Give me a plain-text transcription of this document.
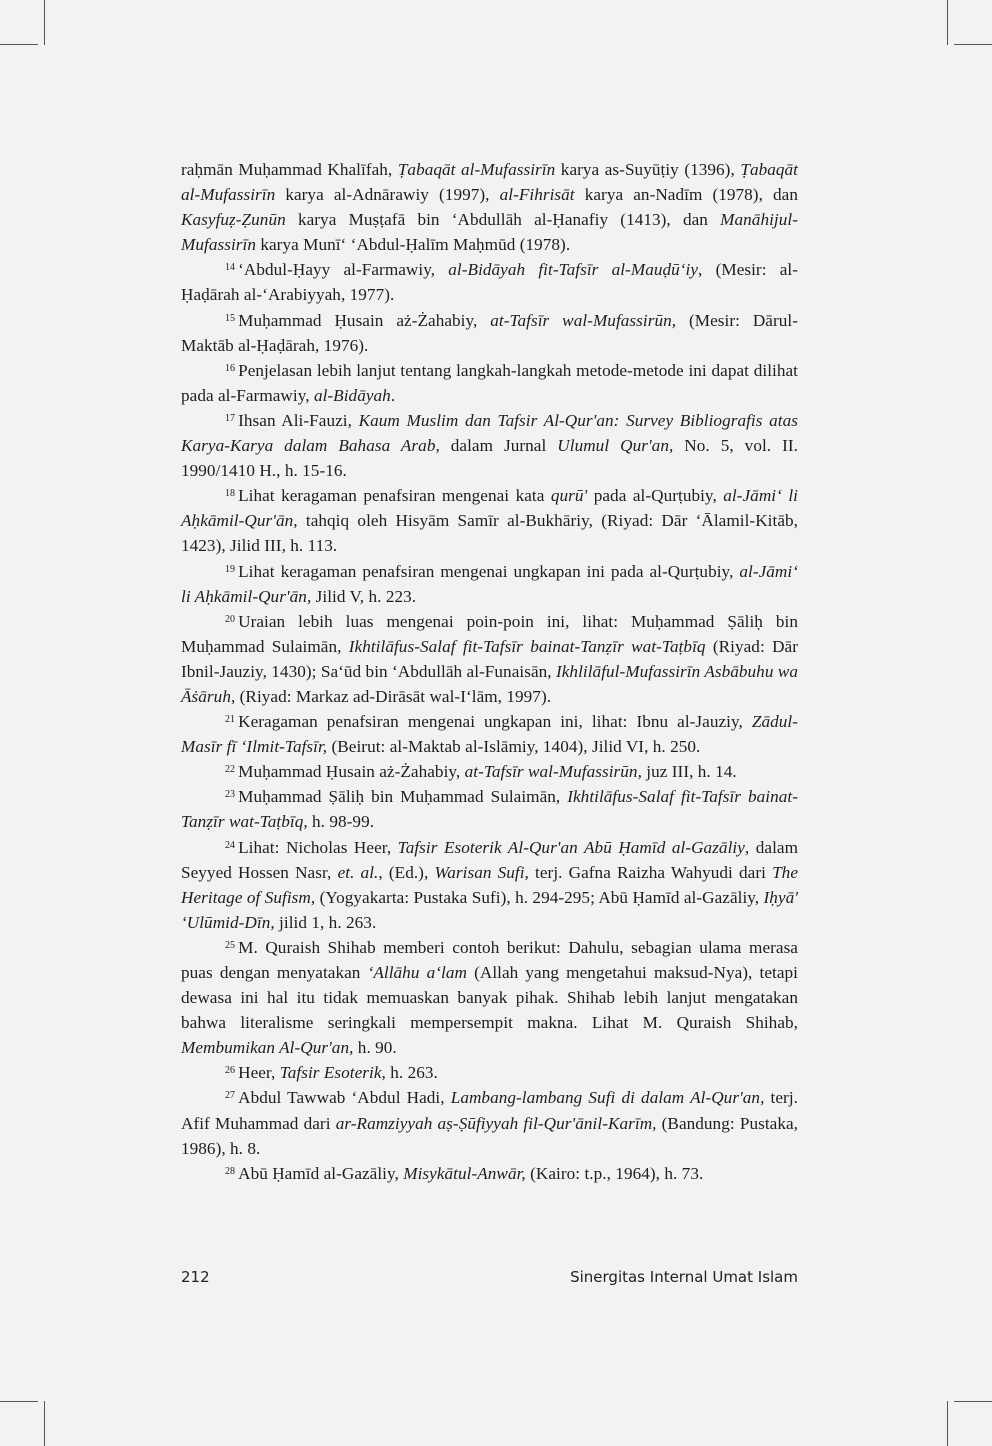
raḥmān Muḥammad Khalīfah, Ṭabaqāt al-Mufassirīn karya as-Suyūṭiy (1396), Ṭabaqāt al-Mufassirīn karya al-Adnārawiy (1997), al-Fihrisāt karya an-Nadīm (1978), dan Kasyfuẓ-Ẓunūn karya Muṣṭafā bin ʻAbdullāh al-Ḥanafiy (1413), dan Manāhijul-Mufassirīn karya Munīʻ ʻAbdul-Ḥalīm Maḥmūd (1978).

$^{14}$ ʻAbdul-Ḥayy al-Farmawiy, al-Bidāyah fit-Tafsīr al-Mauḍūʻiy, (Mesir: al-Ḥaḍārah al-ʻArabiyyah, 1977).

$^{15}$ Muḥammad Ḥusain aż-Żahabiy, at-Tafsīr wal-Mufassirūn, (Mesir: Dārul-Maktāb al-Ḥaḍārah, 1976).

$^{16}$ Penjelasan lebih lanjut tentang langkah-langkah metode-metode ini dapat dilihat pada al-Farmawiy, al-Bidāyah.

$^{17}$ Ihsan Ali-Fauzi, Kaum Muslim dan Tafsir Al-Qur'an: Survey Bibliografis atas Karya-Karya dalam Bahasa Arab, dalam Jurnal Ulumul Qur'an, No. 5, vol. II. 1990/1410 H., h. 15-16.

$^{18}$ Lihat keragaman penafsiran mengenai kata qurū' pada al-Qurṭubiy, al-Jāmiʻ li Aḥkāmil-Qur'ān, tahqiq oleh Hisyām Samīr al-Bukhāriy, (Riyad: Dār ʻĀlamil-Kitāb, 1423), Jilid III, h. 113.

$^{19}$ Lihat keragaman penafsiran mengenai ungkapan ini pada al-Qurṭubiy, al-Jāmiʻ li Aḥkāmil-Qur'ān, Jilid V, h. 223.

$^{20}$ Uraian lebih luas mengenai poin-poin ini, lihat: Muḥammad Ṣāliḥ bin Muḥammad Sulaimān, Ikhtilāfus-Salaf fit-Tafsīr bainat-Tanẓīr wat-Taṭbīq (Riyad: Dār Ibnil-Jauziy, 1430); Saʻūd bin ʻAbdullāh al-Funaisān, Ikhlilāful-Mufassirīn Asbābuhu wa Āṡāruh, (Riyad: Markaz ad-Dirāsāt wal-Iʻlām, 1997).

$^{21}$ Keragaman penafsiran mengenai ungkapan ini, lihat: Ibnu al-Jauziy, Zādul-Masīr fī ʻIlmit-Tafsīr, (Beirut: al-Maktab al-Islāmiy, 1404), Jilid VI, h. 250.

$^{22}$ Muḥammad Ḥusain aż-Żahabiy, at-Tafsīr wal-Mufassirūn, juz III, h. 14.

$^{23}$ Muḥammad Ṣāliḥ bin Muḥammad Sulaimān, Ikhtilāfus-Salaf fit-Tafsīr bainat-Tanẓīr wat-Taṭbīq, h. 98-99.

$^{24}$ Lihat: Nicholas Heer, Tafsir Esoterik Al-Qur'an Abū Ḥamīd al-Gazāliy, dalam Seyyed Hossen Nasr, et. al., (Ed.), Warisan Sufi, terj. Gafna Raizha Wahyudi dari The Heritage of Sufism, (Yogyakarta: Pustaka Sufi), h. 294-295; Abū Ḥamīd al-Gazāliy, Iḥyā' ʻUlūmid-Dīn, jilid 1, h. 263.

$^{25}$ M. Quraish Shihab memberi contoh berikut: Dahulu, sebagian ulama merasa puas dengan menyatakan ʻAllāhu aʻlam (Allah yang mengetahui maksud-Nya), tetapi dewasa ini hal itu tidak memuaskan banyak pihak. Shihab lebih lanjut mengatakan bahwa literalisme seringkali mempersempit makna. Lihat M. Quraish Shihab, Membumikan Al-Qur'an, h. 90.

$^{26}$ Heer, Tafsir Esoterik, h. 263.

$^{27}$ Abdul Tawwab ʻAbdul Hadi, Lambang-lambang Sufi di dalam Al-Qur'an, terj. Afif Muhammad dari ar-Ramziyyah aṣ-Ṣūfiyyah fil-Qur'ānil-Karīm, (Bandung: Pustaka, 1986), h. 8.

$^{28}$ Abū Ḥamīd al-Gazāliy, Misykātul-Anwār, (Kairo: t.p., 1964), h. 73.

212	Sinergitas Internal Umat Islam
